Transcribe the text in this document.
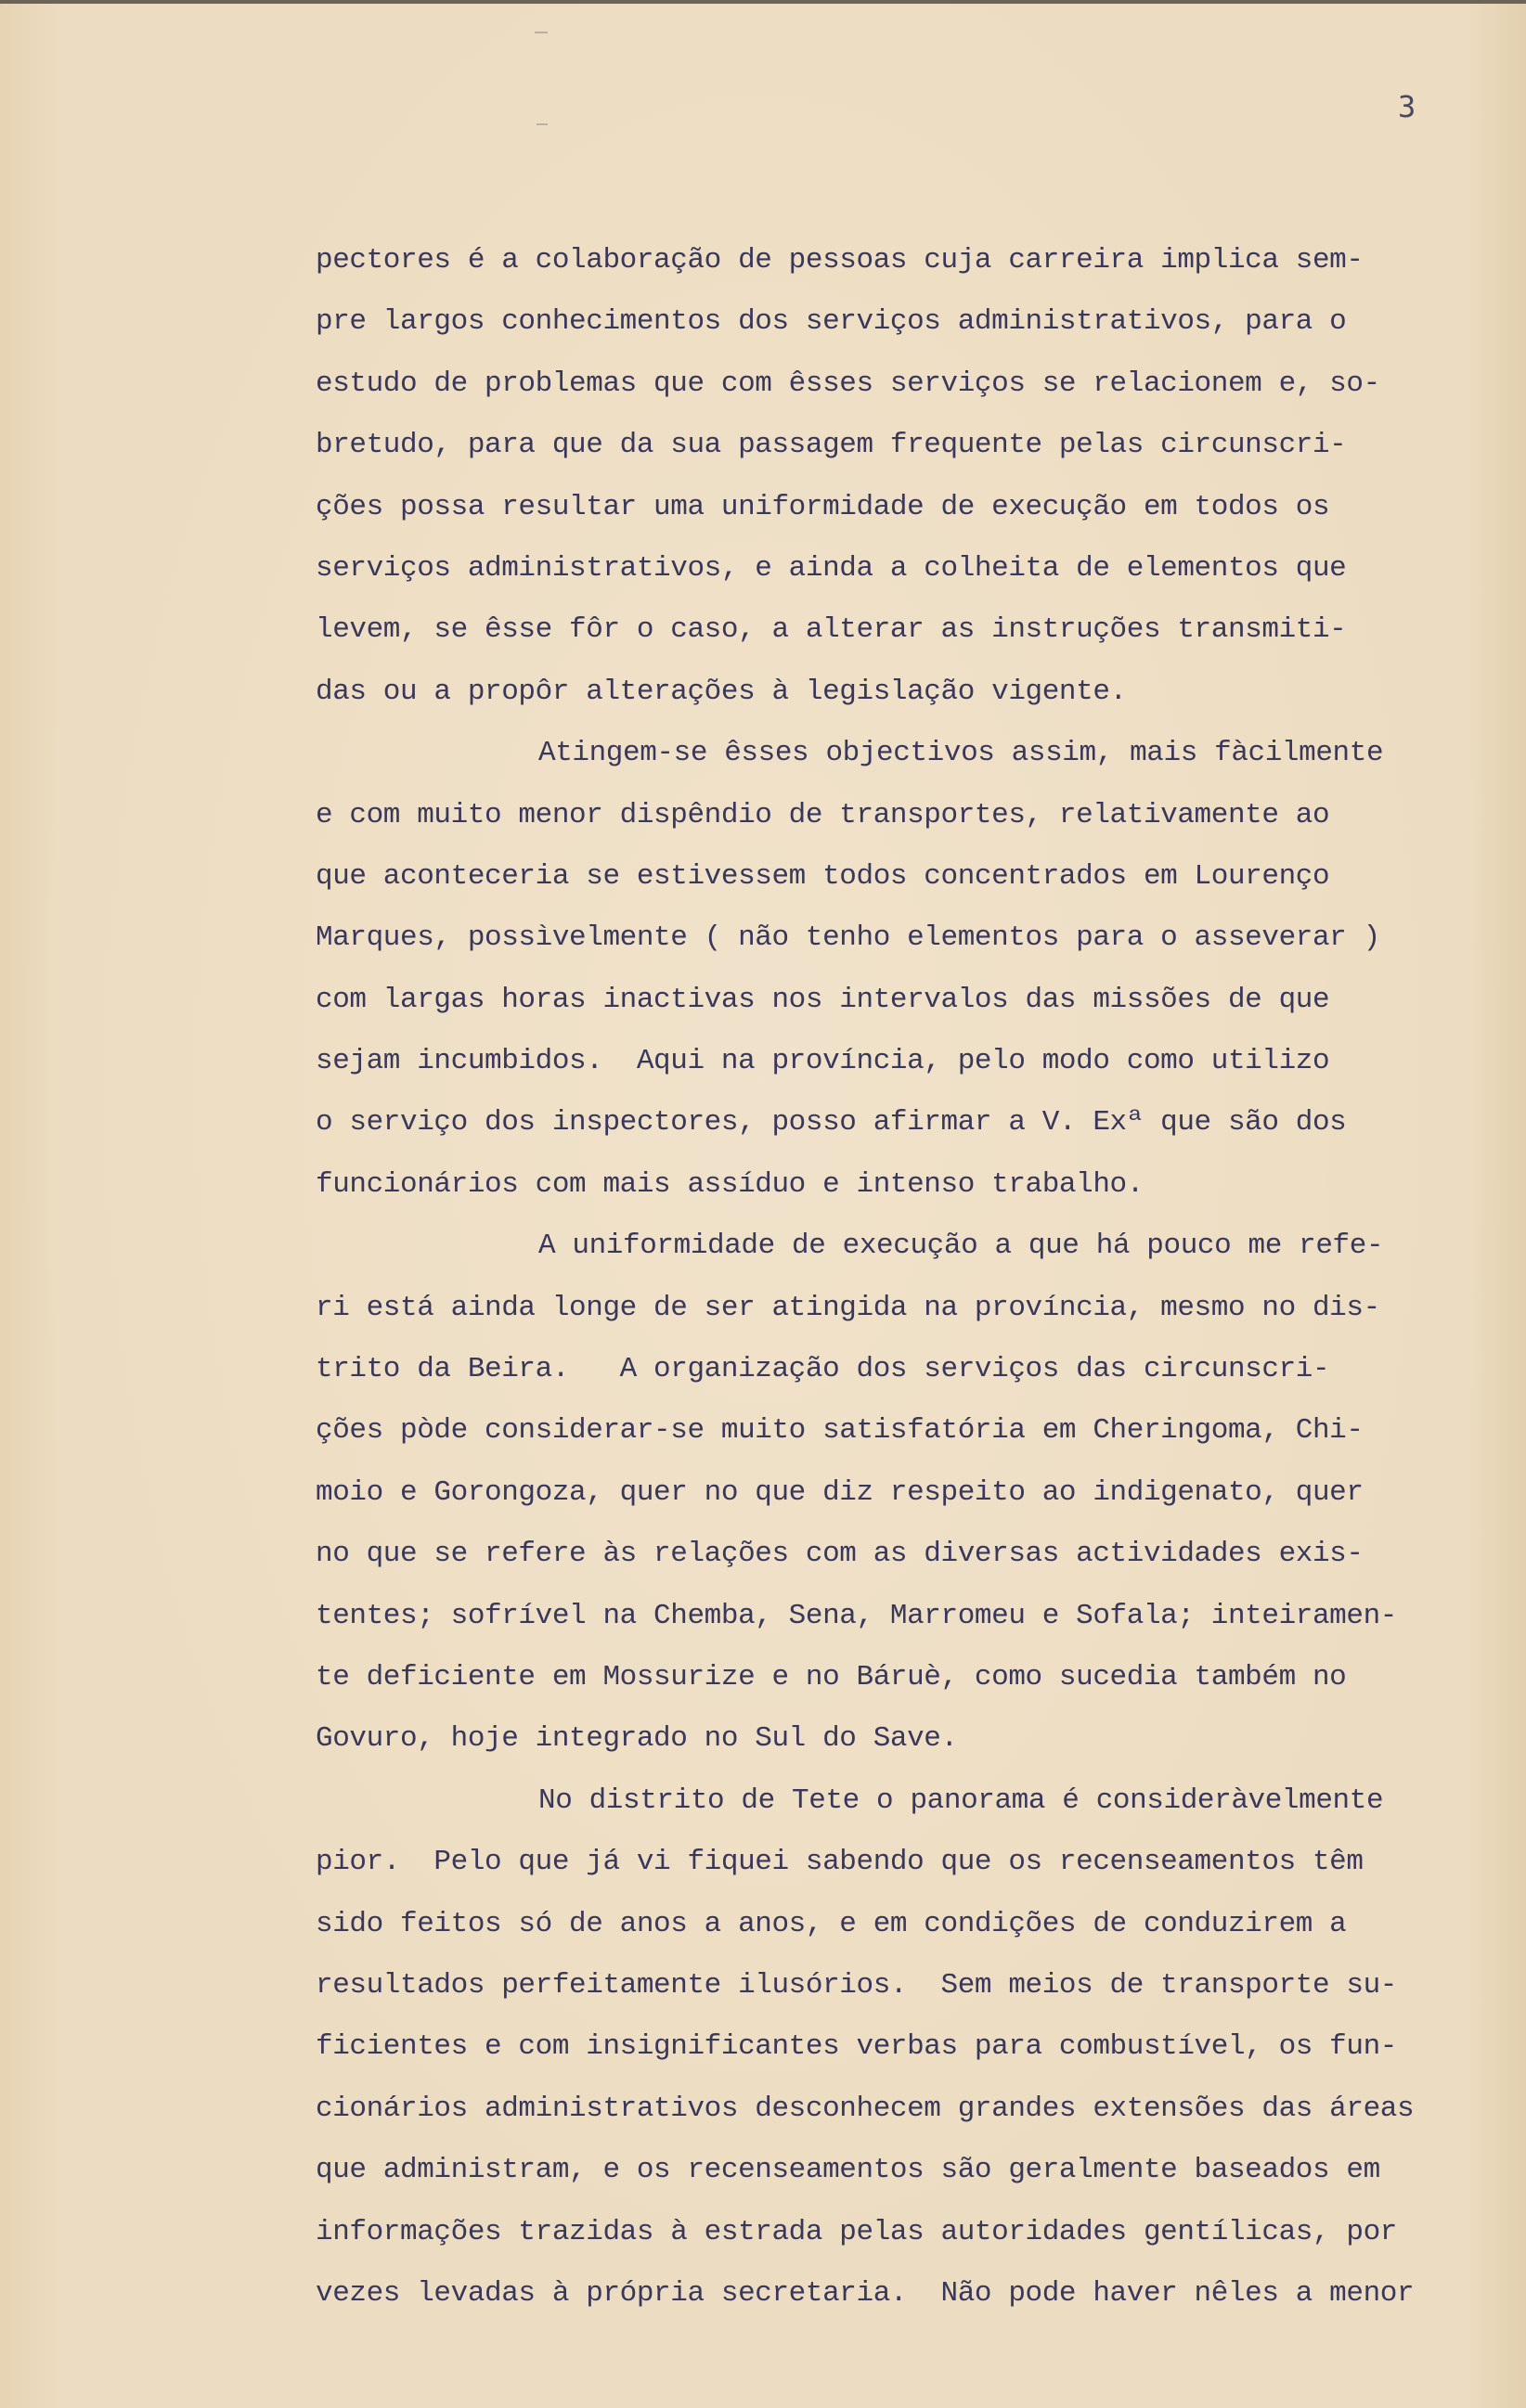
3
pectores é a colaboração de pessoas cuja carreira implica sem-
pre largos conhecimentos dos serviços administrativos, para o
estudo de problemas que com êsses serviços se relacionem e, so-
bretudo, para que da sua passagem frequente pelas circunscri-
ções possa resultar uma uniformidade de execução em todos os
serviços administrativos, e ainda a colheita de elementos que
levem, se êsse fôr o caso, a alterar as instruções transmiti-
das ou a propôr alterações à legislação vigente.
Atingem-se êsses objectivos assim, mais fàcilmente
e com muito menor dispêndio de transportes, relativamente ao
que aconteceria se estivessem todos concentrados em Lourenço
Marques, possìvelmente ( não tenho elementos para o asseverar )
com largas horas inactivas nos intervalos das missões de que
sejam incumbidos.  Aqui na província, pelo modo como utilizo
o serviço dos inspectores, posso afirmar a V. Exª que são dos
funcionários com mais assíduo e intenso trabalho.
A uniformidade de execução a que há pouco me refe-
ri está ainda longe de ser atingida na província, mesmo no dis-
trito da Beira.   A organização dos serviços das circunscri-
ções pòde considerar-se muito satisfatória em Cheringoma, Chi-
moio e Gorongoza, quer no que diz respeito ao indigenato, quer
no que se refere às relações com as diversas actividades exis-
tentes; sofrível na Chemba, Sena, Marromeu e Sofala; inteiramen-
te deficiente em Mossurize e no Báruè, como sucedia também no
Govuro, hoje integrado no Sul do Save.
No distrito de Tete o panorama é consideràvelmente
pior.  Pelo que já vi fiquei sabendo que os recenseamentos têm
sido feitos só de anos a anos, e em condições de conduzirem a
resultados perfeitamente ilusórios.  Sem meios de transporte su-
ficientes e com insignificantes verbas para combustível, os fun-
cionários administrativos desconhecem grandes extensões das áreas
que administram, e os recenseamentos são geralmente baseados em
informações trazidas à estrada pelas autoridades gentílicas, por
vezes levadas à própria secretaria.  Não pode haver nêles a menor
